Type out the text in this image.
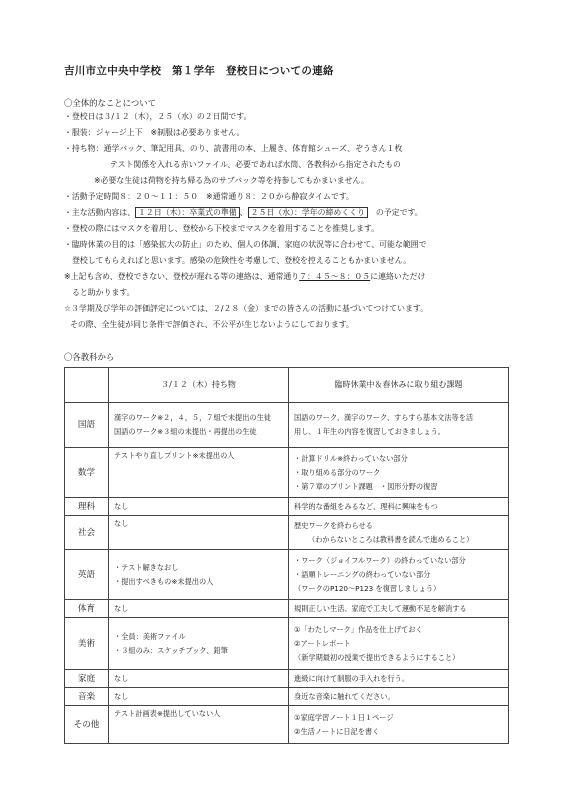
吉川市立中央中学校　第１学年　登校日についての連絡
〇全体的なことについて
・登校日は３/１２（木），２５（水）の２日間です。
・服装：ジャージ上下　※制服は必要ありません。
・持ち物：通学バック、筆記用具、のり、読書用の本、上履き、体育館シューズ、ぞうきん１枚
テスト関係を入れる赤いファイル、必要であれば水筒、各教科から指定されたもの
※必要な生徒は荷物を持ち帰る為のサブバック等を持参してもかまいません。
・活動予定時間８：２０～１１：５０　※通常通り８：２０から静寂タイムです。
・主な活動内容は、 １２日（木）：卒業式の準備 、 ２５日（水）：学年の締めくくり　 の予定です。
・登校の際にはマスクを着用し、登校から下校までマスクを着用することを推奨します。
・臨時休業の目的は「感染拡大の防止」のため、個人の体調、家庭の状況等に合わせて、可能な範囲で
登校してもらえればと思います。感染の危険性を考慮して、登校を控えることもかまいません。
※上記も含め、登校できない、登校が遅れる等の連絡は、通常通り７：４５～８：０５に連絡いただけ
ると助かります。
☆３学期及び学年の評価評定については、２/２８（金）までの皆さんの活動に基づいてつけています。
その際、全生徒が同じ条件で評価され、不公平が生じないようにしております。
〇各教科から
	３/１２（木）持ち物	臨時休業中＆春休みに取り組む課題
国語	漢字のワーク※２，４，５，７組で未提出の生徒
国語のワーク※３組の未提出・再提出の生徒	国語のワーク、漢字のワーク、すらすら基本文法等を活
用し、１年生の内容を復習しておきましょう。

数学	テストやり直しプリント※未提出の人	・計算ドリル※終わっていない部分
・取り組める部分のワーク
・第７章のプリント課題　・図形分野の復習

理科	なし	科学的な番組をみるなど、理科に興味をもつ

社会	なし	歴史ワークを終わらせる
（わからないところは教科書を読んで進めること）

英語	・テスト解きなおし
・提出すべきもの※未提出の人	・ワーク（ジョイフルワーク）の終わっていない部分
・語順トレーニングの終わっていない部分
（ワークのP120～P123 を復習しましょう）

体育	なし	規則正しい生活、家庭で工夫して運動不足を解消する

美術	・全員：美術ファイル
・３組のみ：スケッチブック、鉛筆	①「わたしマーク」作品を仕上げておく
②アートレポート
（新学期最初の授業で提出できるようにすること）

家庭	なし	進級に向けて制服の手入れを行う。

音楽	なし	身近な音楽に触れてください。

その他	テスト計画表※提出していない人	①家庭学習ノート１日１ページ
②生活ノートに日記を書く
